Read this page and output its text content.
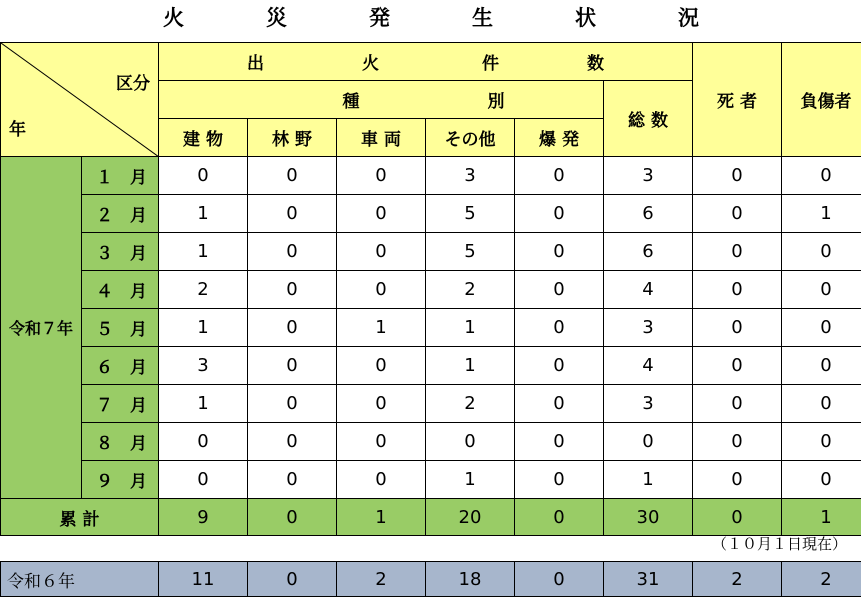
火	災	発	生	状	況
区分
年	出 火 件 数						死 者	負傷者
	種 別					総 数		
	建 物	林 野	車 両	その他	爆 発			

１　月	0	0	0	3	0	3	0	0

２　月	1	0	0	5	0	6	0	1

３　月	1	0	0	5	0	6	0	0

４　月	2	0	0	2	0	4	0	0

５　月	1	0	1	1	0	3	0	0

６　月	3	0	0	1	0	4	0	0

７　月	1	0	0	2	0	3	0	0

８　月	0	0	0	0	0	0	0	0

９　月	0	0	0	1	0	1	0	0
累 計	9	0	1	20	0	30	0	1
（１０月１日現在）
令和６年	11	0	2	18	0	31	2	2
令和７年
